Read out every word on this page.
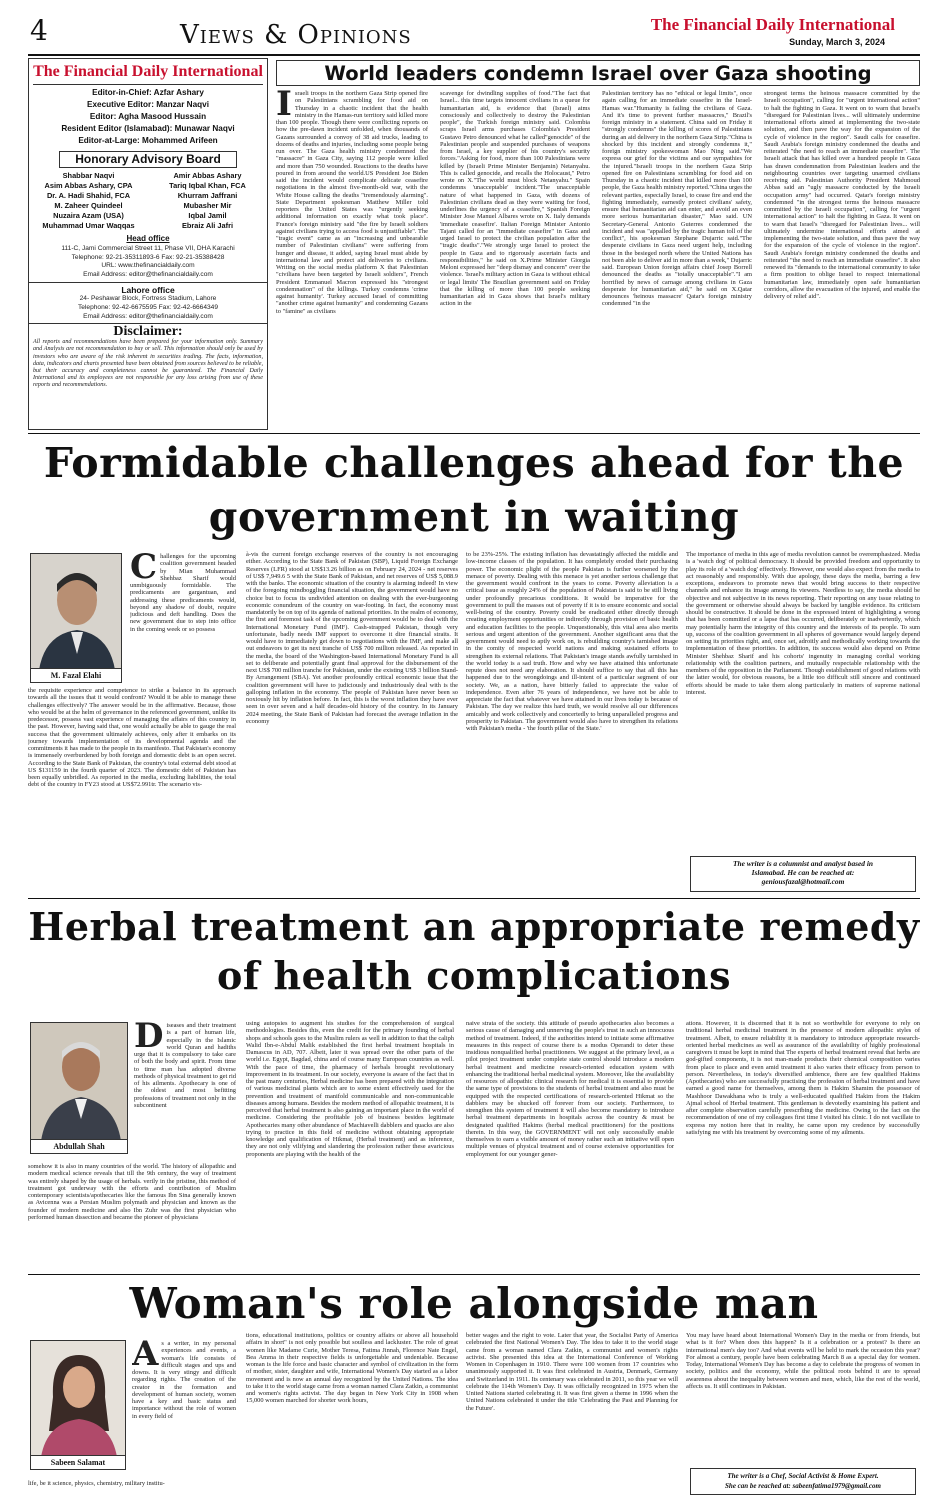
4	Views & Opinions	The Financial Daily International
Sunday, March 3, 2024
The Financial Daily International

Editor-in-Chief: Azfar Ashary

Executive Editor: Manzar Naqvi

Editor: Agha Masood Hussain

Resident Editor (Islamabad): Munawar Naqvi

Editor-at-Large: Mohammed Arifeen

Honorary Advisory Board
Shabbar Naqvi
Asim Abbas Ashary, CPA
Dr. A. Hadi Shahid, FCA
M. Zaheer Quindeel
Nuzaira Azam (USA)
Muhammad Umar Waqqas
Amir Abbas Ashary
Tariq Iqbal Khan, FCA
Khurram Jaffrani
Mubasher Mir
Iqbal Jamil
Ebraiz Ali Jafri
Head office
111-C, Jami Commercial Street 11, Phase VII, DHA Karachi
Telephone: 92-21-35311893-6 Fax: 92-21-35388428
URL: www.thefinancialdaily.com
Email Address: editor@thefinancialdaily.com
Lahore office
24- Peshawar Block, Fortress Stadium, Lahore
Telephone: 92-42-6675595 Fax: 92-42-6664349
Email Address: editor@thefinancialdaily.com
Disclaimer:
All reports and recommendations have been prepared for your information only. Summary and Analysis are not recommendation to buy or sell. This information should only be used by investors who are aware of the risk inherent in securities trading. The facts, information, data, indicators and charts presented have been obtained from sources believed to be reliable, but their accuracy and completeness cannot be guaranteed. The Financial Daily International and its employees are not responsible for any loss arising from use of these reports and recommendations.
World leaders condemn Israel over Gaza shooting
Israeli troops in the northern Gaza Strip opened fire on Palestinians scrambling for food aid on Thursday in a chaotic incident that the health ministry in the Hamas-run territory said killed more than 100 people. Though there were conflicting reports on how the pre-dawn incident unfolded, when thousands of Gazans surrounded a convoy of 38 aid trucks, leading to dozens of deaths and injuries, including some people being run over. The Gaza health ministry condemned the "massacre" in Gaza City, saying 112 people were killed and more than 750 wounded. Reactions to the deaths have poured in from around the world.US President Joe Biden said the incident would complicate delicate ceasefire negotiations in the almost five-month-old war, with the White House calling the deaths "tremendously alarming". State Department spokesman Matthew Miller told reporters the United States was "urgently seeking additional information on exactly what took place". France's foreign ministry said "the fire by Israeli soldiers against civilians trying to access food is unjustifiable". The "tragic event" came as an "increasing and unbearable number of Palestinian civilians" were suffering from hunger and disease, it added, saying Israel must abide by international law and protect aid deliveries to civilians. Writing on the social media platform X that Palestinian "civilians have been targeted by Israeli soldiers", French President Emmanuel Macron expressed his "strongest condemnation" of the killings. Turkey condemns 'crime against humanity'. Turkey accused Israel of committing "another crime against humanity" and condemning Gazans to "famine" as civilians
scavenge for dwindling supplies of food."The fact that Israel... this time targets innocent civilians in a queue for humanitarian aid, is evidence that (Israel) aims consciously and collectively to destroy the Palestinian people", the Turkish foreign ministry said. Colombia scraps Israel arms purchases Colombia's President Gustavo Petro denounced what he called"genocide" of the Palestinian people and suspended purchases of weapons from Israel, a key supplier of his country's security forces."Asking for food, more than 100 Palestinians were killed by (Israeli Prime Minister Benjamin) Netanyahu. This is called genocide, and recalls the Holocaust," Petro wrote on X."The world must block Netanyahu." Spain condemns 'unacceptable' incident."The unacceptable nature of what happened in Gaza, with dozens of Palestinian civilians dead as they were waiting for food, underlines the urgency of a ceasefire," Spanish Foreign Minister Jose Manuel Albares wrote on X. Italy demands 'immediate ceasefire'. Italian Foreign Minister Antonio Tajani called for an "immediate ceasefire" in Gaza and urged Israel to protect the civilian population after the "tragic deaths"."We strongly urge Israel to protect the people in Gaza and to rigorously ascertain facts and responsibilities," he said on X.Prime Minister Giorgia Meloni expressed her "deep dismay and concern" over the violence. 'Israel's military action in Gaza is without ethical or legal limits' The Brazilian government said on Friday that the killing of more than 100 people seeking humanitarian aid in Gaza shows that Israel's military action in the
Palestinian territory has no "ethical or legal limits", once again calling for an immediate ceasefire in the Israel-Hamas war."Humanity is failing the civilians of Gaza. And it's time to prevent further massacres," Brazil's foreign ministry in a statement. China said on Friday it "strongly condemns" the killing of scores of Palestinians during an aid delivery in the northern Gaza Strip."China is shocked by this incident and strongly condemns it," foreign ministry spokeswoman Mao Ning said."We express our grief for the victims and our sympathies for the injured."Israeli troops in the northern Gaza Strip opened fire on Palestinians scrambling for food aid on Thursday in a chaotic incident that killed more than 100 people, the Gaza health ministry reported."China urges the relevant parties, especially Israel, to cease fire and end the fighting immediately, earnestly protect civilians' safety, ensure that humanitarian aid can enter, and avoid an even more serious humanitarian disaster," Mao said. UN Secretary-General Antonio Guterres condemned the incident and was "appalled by the tragic human toll of the conflict", his spokesman Stephane Dujarric said."The desperate civilians in Gaza need urgent help, including those in the besieged north where the United Nations has not been able to deliver aid in more than a week," Dujarric said. European Union foreign affairs chief Josep Borrell denounced the deaths as "totally unacceptable"."I am horrified by news of carnage among civilians in Gaza desperate for humanitarian aid," he said on X.Qatar denounces 'heinous massacre' Qatar's foreign ministry condemned "in the
strongest terms the heinous massacre committed by the Israeli occupation", calling for "urgent international action" to halt the fighting in Gaza. It went on to warn that Israel's "disregard for Palestinian lives... will ultimately undermine international efforts aimed at implementing the two-state solution, and then pave the way for the expansion of the cycle of violence in the region". Saudi calls for ceasefire. Saudi Arabia's foreign ministry condemned the deaths and reiterated "the need to reach an immediate ceasefire". The Israeli attack that has killed over a hundred people in Gaza has drawn condemnation from Palestinian leaders and the neighbouring countries over targeting unarmed civilians receiving aid. Palestinian Authority President Mahmoud Abbas said an "ugly massacre conducted by the Israeli occupation army" had occurred. Qatar's foreign ministry condemned "in the strongest terms the heinous massacre committed by the Israeli occupation", calling for "urgent international action" to halt the fighting in Gaza. It went on to warn that Israel's "disregard for Palestinian lives... will ultimately undermine international efforts aimed at implementing the two-state solution, and thus pave the way for the expansion of the cycle of violence in the region". Saudi Arabia's foreign ministry condemned the deaths and reiterated "the need to reach an immediate ceasefire". It also renewed its "demands to the international community to take a firm position to oblige Israel to respect international humanitarian law, immediately open safe humanitarian corridors, allow the evacuation of the injured, and enable the delivery of relief aid".
Formidable challenges ahead for the
government in waiting
M. Fazal Elahi
Challenges for the upcoming coalition government headed by Mian Muhammad Shehbaz Sharif would unmbiguously formidable. The predicaments are gargantuan, and addressing these predicaments would, beyond any shadow of doubt, require judicious and deft handling. Does the new government due to step into office in the coming week or so possess
the requisite experience and competence to strike a balance in its approach towards all the issues that it would confront? Would it be able to manage these challenges effectively? The answer would be in the affirmative. Because, those who would be at the helm of governance in the referenced government, unlike its predecessor, possess vast experience of managing the affairs of this country in the past. However, having said that, one would actually be able to gauge the real success that the government ultimately achieves, only after it embarks on its journey towards implementation of its developmental agenda and the commitments it has made to the people in its manifesto. That Pakistan's economy is immensely overburdened by both foreign and domestic debt is an open secret. According to the State Bank of Pakistan, the country's total external debt stood at US $131159 in the fourth quarter of 2023. The domestic debt of Pakistan has been equally unbridled. As reported in the media, excluding liabilities, the total debt of the country in FY23 stood at US$72.991tr. The scenario vis-
à-vis the current foreign exchange reserves of the country is not encouraging either. According to the State Bank of Pakistan (SBP), Liquid Foreign Exchange Reserves (LFR) stood at US$13.26 billion as on February 24, 2024 - net reserves of US$ 7,949.6 5 with the State Bank of Pakistan, and net reserves of US$ 5,088.9 with the banks. The economic situation of the country is alarming indeed! In view of the foregoing mindboggling financial situation, the government would have no choice but to focus its undivided attention on dealing with the ever-burgeoning economic conundrum of the country on war-footing. In fact, the economy must mandatorily be on top of its agenda of national priorities. In the realm of economy, the first and foremost task of the upcoming government would be to deal with the International Monetary Fund (IMF). Cash-strapped Pakistan, though very unfortunate, badly needs IMF support to overcome it dire financial straits. It would have to immediately get down to negotiations with the IMF, and make all out endeavors to get its next tranche of US$ 700 million released. As reported in the media, the board of the Washington-based International Monetary Fund is all set to deliberate and potentially grant final approval for the disbursement of the next US$ 700 million tranche for Pakistan, under the existing US$ 3 billion Stand-By Arrangement (SBA). Yet another profoundly critical economic issue that the coalition government will have to judiciously and industriously deal with is the galloping inflation in the economy. The people of Pakistan have never been so noxiously hit by inflation before. In fact, this is the worst inflation they have ever seen in over seven and a half decades-old history of the country. In its January 2024 meeting, the State Bank of Pakistan had forecast the average inflation in the economy
to be 23%-25%. The existing inflation has devastatingly affected the middle and low-income classes of the population. It has completely eroded their purchasing power. The economic plight of the people Pakistan is further worsened by the menace of poverty. Dealing with this menace is yet another serious challenge that the government would confront in the years to come. Poverty alleviation is a critical issue as roughly 24% of the population of Pakistan is said to be still living under profoundly precarious conditions. It would be imperative for the government to pull the masses out of poverty if it is to ensure economic and social well-being of the country. Poverty could be eradicated either directly through creating employment opportunities or indirectly through provision of basic health and education facilities to the people. Unquestionably, this vital area also merits serious and urgent attention of the government. Another significant area that the government would need to aptly work on, is rebuilding country's tarnished image in the comity of respected world nations and making sustained efforts to strengthen its external relations. That Pakistan's image stands awfully tarnished in the world today is a sad truth. How and why we have attained this unfortunate repute does not need any elaboration. It should suffice to say that all this has happened due to the wrongdoings and ill-intent of a particular segment of our society. We, as a nation, have bitterly failed to appreciate the value of independence. Even after 76 years of independence, we have not be able to appreciate the fact that whatever we have attained in our lives today is because of Pakistan. The day we realize this hard truth, we would resolve all our differences amicably and work collectively and concertedly to bring unparalleled progress and prosperity to Pakistan. The government would also have to strengthen its relations with Pakistan's media - 'the fourth pillar of the State.'
The importance of media in this age of media revolution cannot be overemphasized. Media is a 'watch dog' of political democracy. It should be provided freedom and opportunity to play its role of a 'watch dog' effectively. However, one would also expect from the media to act reasonably and responsibly. With due apology, these days the media, barring a few exceptions, endeavors to promote news that would bring success to their respective channels and enhance its image among its viewers. Needless to say, the media should be objective and not subjective in its news reporting. Their reporting on any issue relating to the government or otherwise should always be backed by tangible evidence. Its criticism should be constructive. It should be done in the expressed intent of highlighting a wrong that has been committed or a lapse that has occurred, deliberately or inadvertently, which may potentially harm the integrity of this country and the interests of its people. To sum up, success of the coalition government in all spheres of governance would largely depend on setting its priorities right, and, once set, adroitly and methodically working towards the implementation of these priorities. In addition, its success would also depend on Prime Minister Shehbaz Sharif and his cohorts' ingenuity in managing cordial working relationship with the coalition partners, and mutually respectable relationship with the members of the opposition in the Parliament. Though establishment of good relations with the latter would, for obvious reasons, be a little too difficult still sincere and continued efforts should be made to take them along particularly in matters of supreme national interest.
The writer is a columnist and analyst based in
Islamabad. He can be reached at:
geniousfazal@hotmail.com
Herbal treatment an appropriate remedy
of health complications
Abdullah Shah
Diseases and their treatment is a part of human life, especially in the Islamic world Quran and hadiths urge that it is compulsory to take care of both the body and spirit. From time to time man has adopted diverse methods of physical treatment to get rid of his ailments. Apothecary is one of the oldest and most befitting professions of treatment not only in the subcontinent
somehow it is also in many countries of the world. The history of allopathic and modern medical science reveals that till the 9th century, the way of treatment was entirely shaped by the usage of herbals. verily in the pristine, this method of treatment got underway with the efforts and contribution of Muslim contemporary scientists/apothecaries like the famous Ibn Sina generally known as Avicenna was a Persian Muslim polymath and physician and known as the founder of modern medicine and also Ibn Zuhr was the first physician who performed human dissection and became the pioneer of physicians
using autopsies to augment his studies for the comprehension of surgical methodologies. Besides this, even the credit for the primary founding of herbal shops and schools goes to the Muslim rulers as well in addition to that the caliph Walid Ibn-e-Abdul Malik established the first herbal treatment hospitals in Damascus in AD, 707. Albeit, later it was spread over the other parts of the world i.e. Egypt, Bagdad, china and of course many European countries as well. With the pace of time, the pharmacy of herbals brought revolutionary improvement in its treatment. In our society, everyone is aware of the fact that in the past many centuries, Herbal medicine has been prepared with the integration of various medicinal plants which are to some extent effectively used for the prevention and treatment of manifold communicable and non-communicable diseases among humans. Besides the modern method of allopathic treatment, it is perceived that herbal treatment is also gaining an important place in the world of medicine. Considering the profitable job of business besides legitimate Apothecaries many other abundance of Machiavelli dabblers and quacks are also trying to practice in this field of medicine without obtaining appropriate knowledge and qualification of Hikmat, (Herbal treatment) and as inference, they are not only vilifying and slandering the profession rather these avaricious proponents are playing with the health of the
naive strata of the society. this attitude of pseudo apothecaries also becomes a serious cause of damaging and unnerving the people's trust in such an innocuous method of treatment. Indeed, if the authorities intend to initiate some affirmative measures in this respect of course there is a modus Operandi to deter these insidious nonqualified herbal practitioners. We suggest at the primary level, as a pilot project treatment under complete state control should introduce a modern herbal treatment and medicine research-oriented education system with enhancing the traditional herbal medicinal system. Moreover, like the availability of resources of allopathic clinical research for medical it is essential to provide the same type of provisions to the students of herbal treatment and also must be equipped with the respected certifications of research-oriented Hikmat so the dabblers may be shucked off forever from our society. Furthermore, to strengthen this system of treatment it will also become mandatory to introduce herbal treatment departments in hospitals across the country & must be designated qualified Hakims (herbal medical practitioners) for the positions therein. In this way, the GOVERNMENT will not only successfully enable themselves to earn a visible amount of money rather such an initiative will open multiple venues of physical treatment and of course extensive opportunities for employment for our younger gener-
ations. However, it is discerned that it is not so worthwhile for everyone to rely on traditional herbal medicinal treatment in the presence of modern allopathic styles of treatment. Albeit, to ensure reliability it is mandatory to introduce appropriate research-oriented herbal medicines as well as assurance of the availability of highly professional caregivers it must be kept in mind that The experts of herbal treatment reveal that herbs are god-gifted components, it is not man-made products their chemical composition varies from place to place and even amid treatment it also varies their efficacy from person to person. Nevertheless, in today's diversified ambience, there are few qualified Hakims (Apothecaries) who are successfully practising the profession of herbal treatment and have earned a good name for themselves, among them is Hakim Shamim the possessor of Mashhoor Dawakhana who is truly a well-educated qualified Hakim from the Hakim Ajmal school of Herbal treatment. This gentleman is devotedly examining his patient and after complete observation carefully prescribing the medicine. Owing to the fact on the recommendation of one of my colleagues first time I visited his clinic. I do not vacillate to express my notion here that in reality, he came upon my credence by successfully satisfying me with his treatment by overcoming some of my ailments.
Woman's role alongside man
Sabeen Salamat
As a writer, in my personal experiences and events, a woman's life consists of difficult stages and ups and downs. It is very stingy and difficult regarding rights. The creation of the creator in the formation and development of human society, women have a key and basic status and importance without the role of women in every field of
life, be it science, physics, chemistry, military institu-
tions, educational institutions, politics or country affairs or above all household affairs in short" is not only possible but soulless and lackluster. The role of great women like Madame Curie, Mother Teresa, Fatima Jinnah, Florence Nate Engel, Bea Amma in their respective fields is unforgettable and undeniable. Because woman is the life force and basic character and symbol of civilization in the form of mother, sister, daughter and wife, International Women's Day started as a labor movement and is now an annual day recognized by the United Nations. The idea to take it to the world stage came from a woman named Clara Zatkin, a communist and women's rights activist. The day began in New York City in 1908 when 15,000 women marched for shorter work hours,
better wages and the right to vote. Later that year, the Socialist Party of America celebrated the first National Women's Day. The idea to take it to the world stage came from a woman named Clara Zatkin, a communist and women's rights activist. She presented this idea at the International Conference of Working Women in Copenhagen in 1910. There were 100 women from 17 countries who unanimously supported it. It was first celebrated in Austria, Denmark, Germany and Switzerland in 1911. Its centenary was celebrated in 2011, so this year we will celebrate the 114th Women's Day. It was officially recognized in 1975 when the United Nations started celebrating it. It was first given a theme in 1996 when the United Nations celebrated it under the title 'Celebrating the Past and Planning for the Future'.
You may have heard about International Women's Day in the media or from friends, but what is it for? When does this happen? Is it a celebration or a protest? Is there an international men's day too? And what events will be held to mark the occasion this year? For almost a century, people have been celebrating March 8 as a special day for women. Today, International Women's Day has become a day to celebrate the progress of women in society, politics and the economy, while the political roots behind it are to spread awareness about the inequality between women and men, which, like the rest of the world, affects us. It still continues in Pakistan.
The writer is a Chef, Social Activist & Home Expert.
She can be reached at: sabeenfatima1979@gmail.com
